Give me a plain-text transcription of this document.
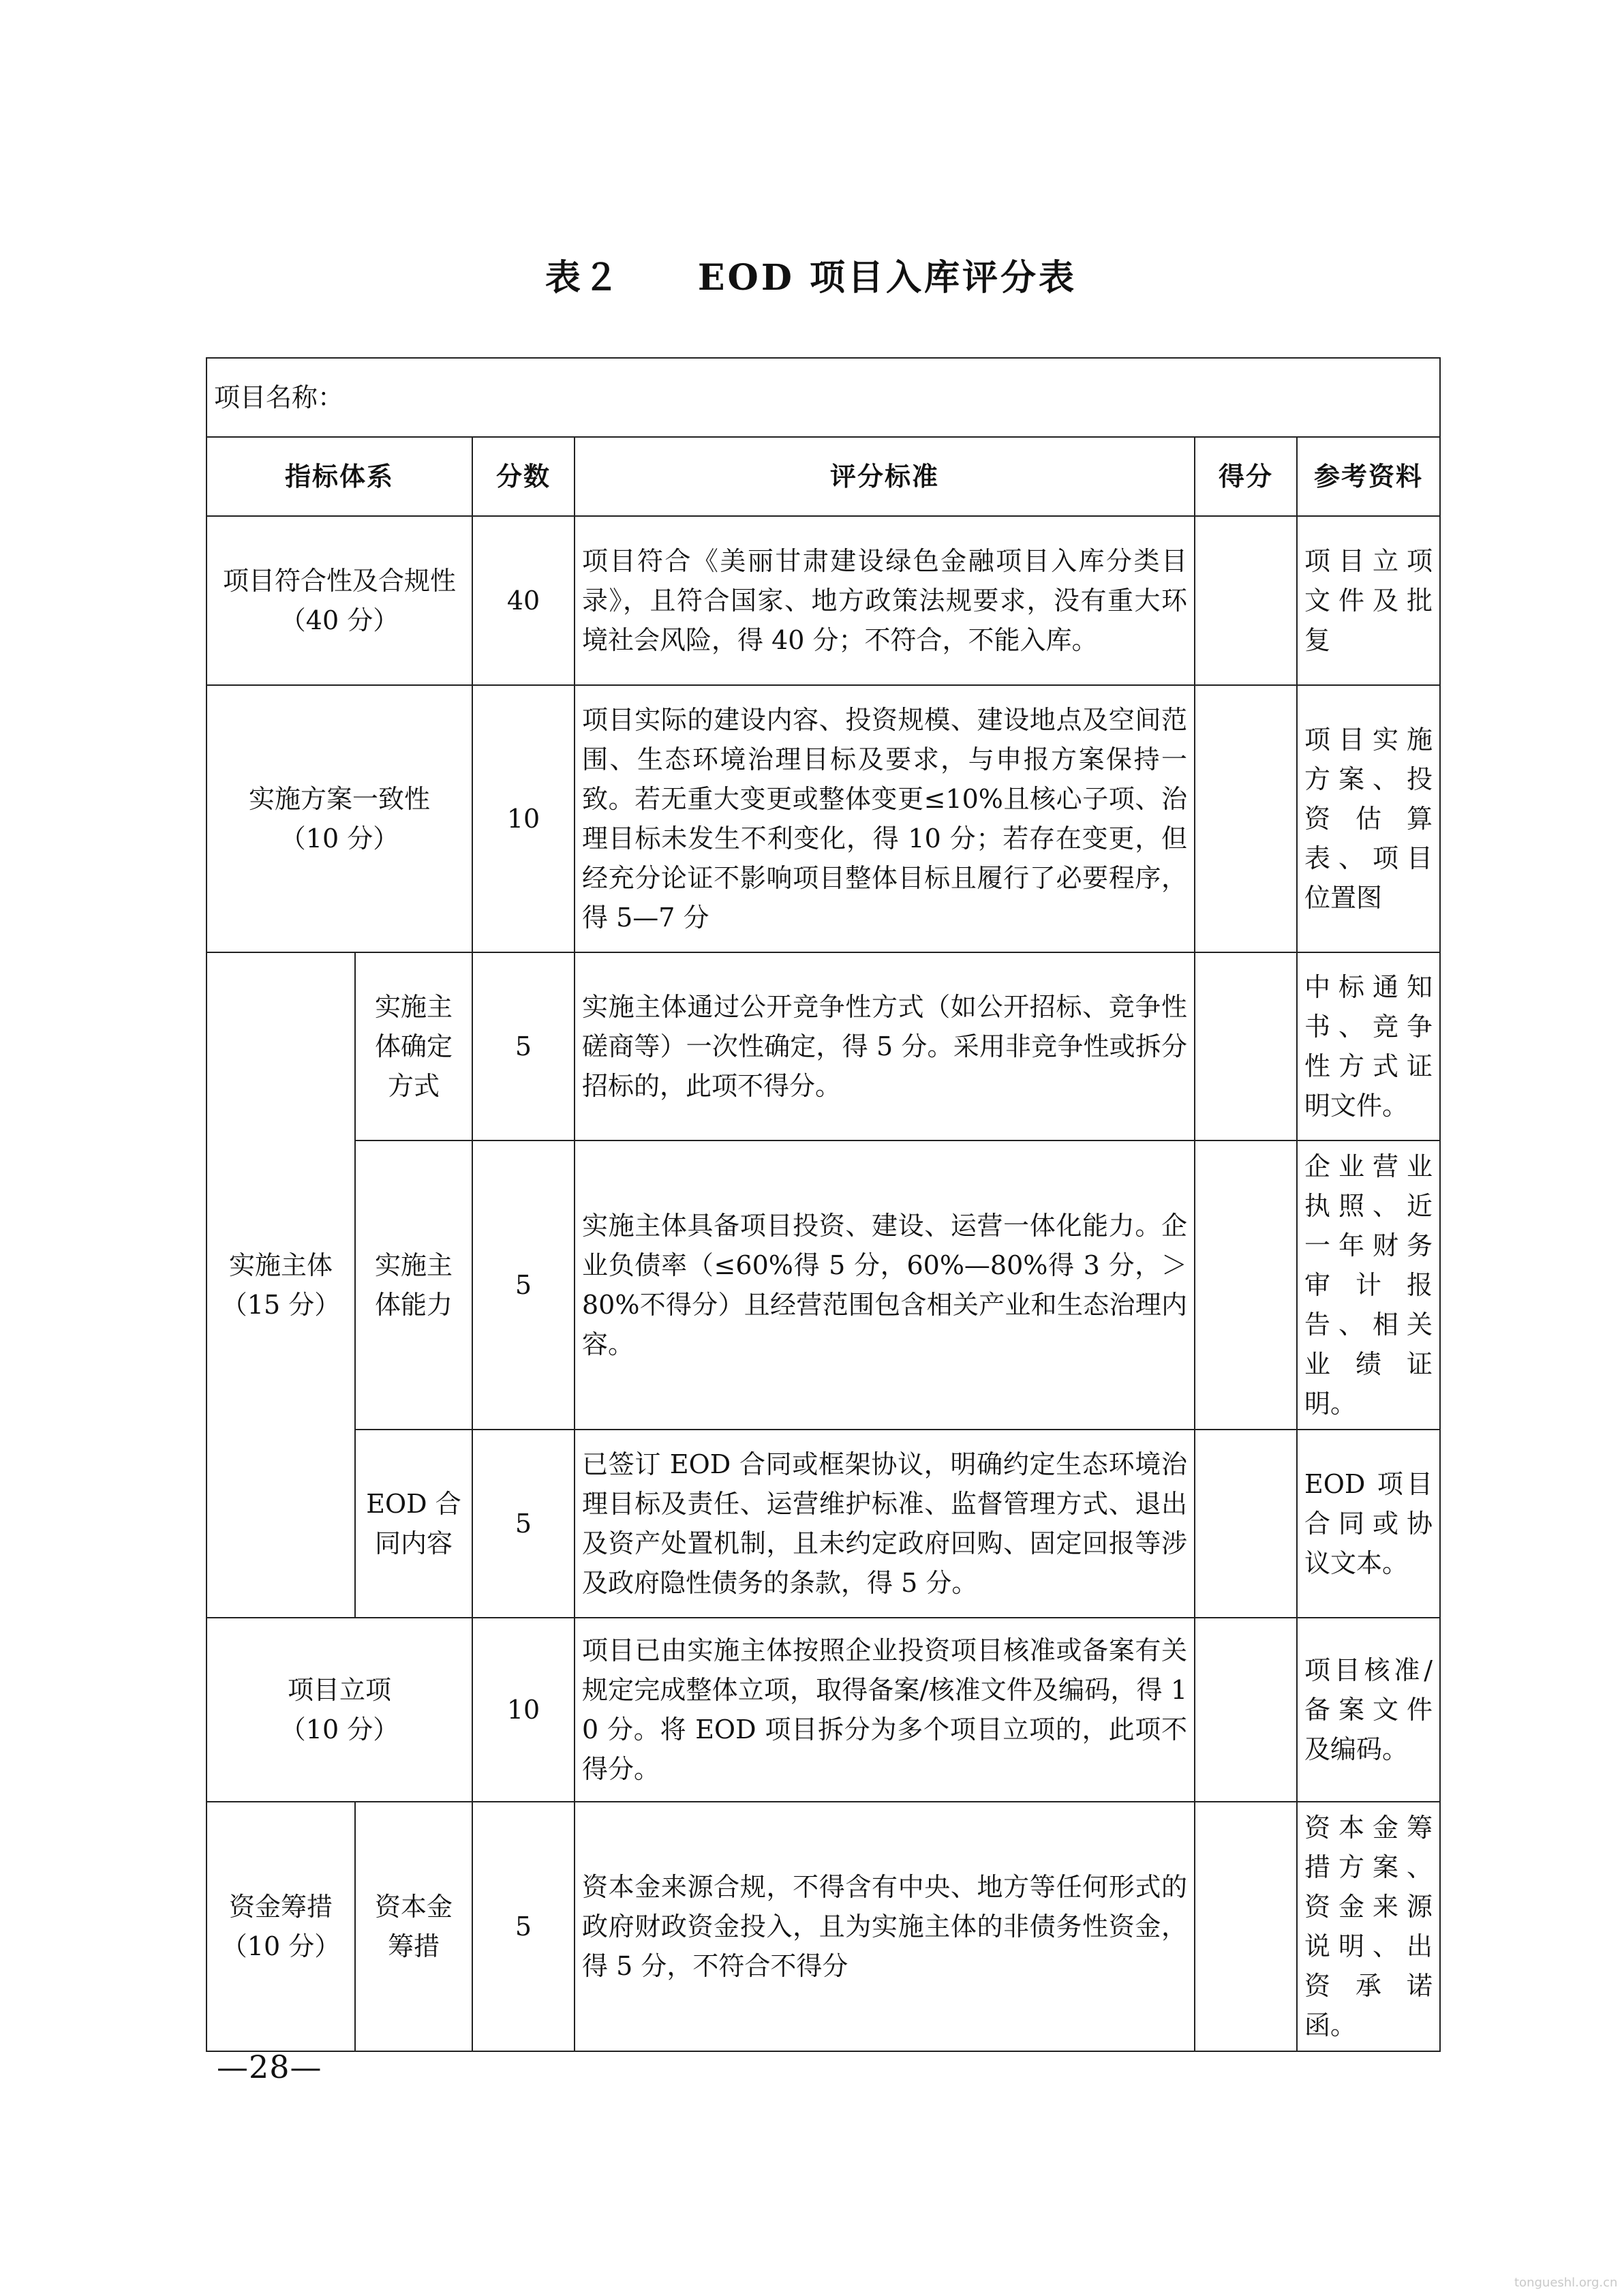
表２　　EOD 项目入库评分表
项目名称：					
指标体系		分数	评分标准	得分	参考资料
项目符合性及合规性
（40 分）		40	项目符合《美丽甘肃建设绿色金融项目入库分类目录》，且符合国家、地方政策法规要求，没有重大环境社会风险，得 40 分；不符合，不能入库。		项目立项文件及批复
实施方案一致性
（10 分）		10	项目实际的建设内容、投资规模、建设地点及空间范围、生态环境治理目标及要求，与申报方案保持一致。若无重大变更或整体变更≤10%且核心子项、治理目标未发生不利变化，得 10 分；若存在变更，但经充分论证不影响项目整体目标且履行了必要程序，得 5—7 分		项目实施方案、投资估算表、项目位置图
实施主体
（15 分）	实施主体确定方式	5	实施主体通过公开竞争性方式（如公开招标、竞争性磋商等）一次性确定，得 5 分。采用非竞争性或拆分招标的，此项不得分。		中标通知书、竞争性方式证明文件。
	实施主体能力	5	实施主体具备项目投资、建设、运营一体化能力。企业负债率（≤60%得 5 分，60%—80%得 3 分，＞80%不得分）且经营范围包含相关产业和生态治理内容。		企业营业执照、近一年财务审计报告、相关业绩证明。
	EOD 合同内容	5	已签订 EOD 合同或框架协议，明确约定生态环境治理目标及责任、运营维护标准、监督管理方式、退出及资产处置机制，且未约定政府回购、固定回报等涉及政府隐性债务的条款，得 5 分。		EOD 项目合同或协议文本。
项目立项
（10 分）		10	项目已由实施主体按照企业投资项目核准或备案有关规定完成整体立项，取得备案/核准文件及编码，得 10 分。将 EOD 项目拆分为多个项目立项的，此项不得分。		项目核准/备案文件及编码。
资金筹措
（10 分）	资本金筹措	5	资本金来源合规，不得含有中央、地方等任何形式的政府财政资金投入，且为实施主体的非债务性资金，得 5 分，不符合不得分		资本金筹措方案、资金来源说明、出资承诺函。
—28—
tongueshl.org.cn
